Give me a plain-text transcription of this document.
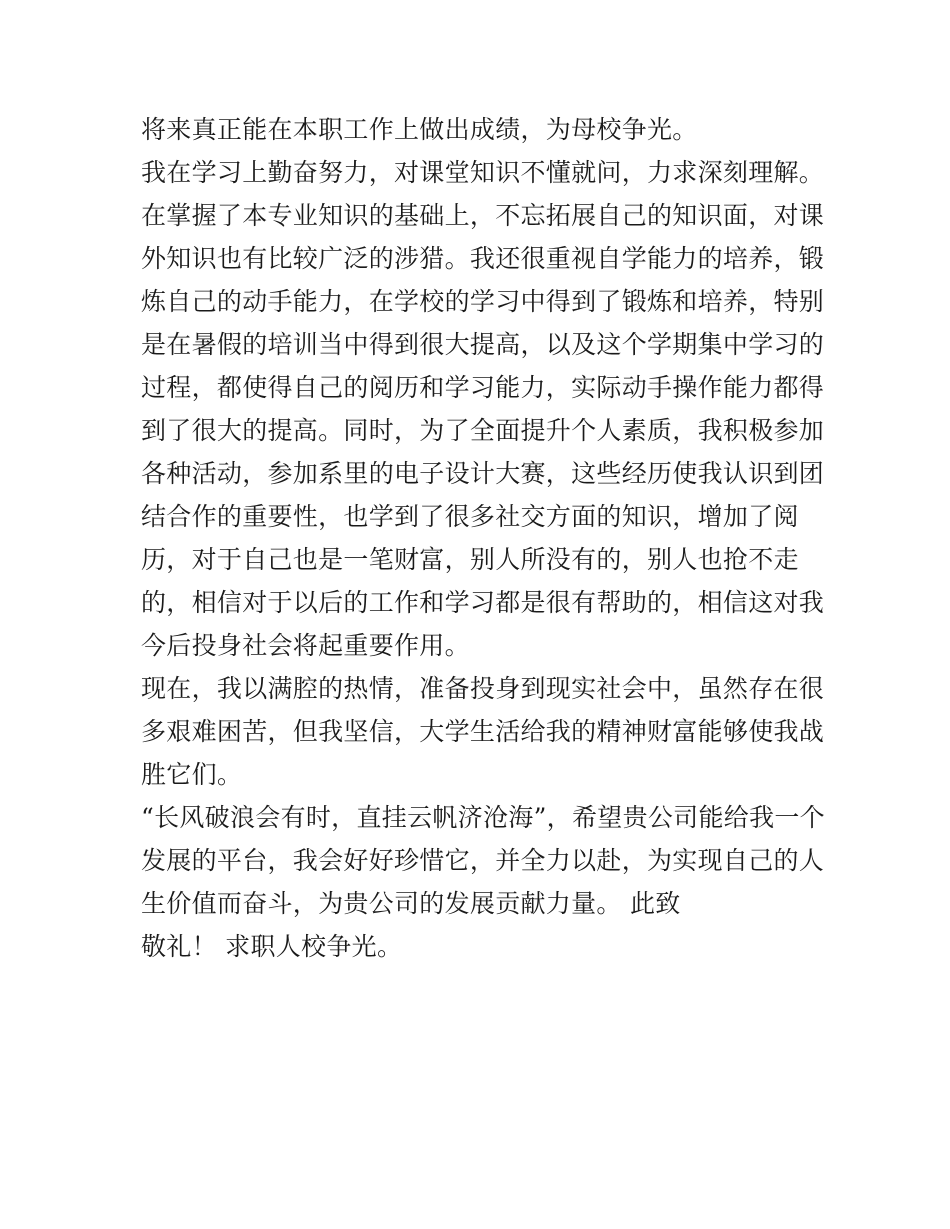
将来真正能在本职工作上做出成绩，为母校争光。
我在学习上勤奋努力，对课堂知识不懂就问，力求深刻理解。
在掌握了本专业知识的基础上，不忘拓展自己的知识面，对课
外知识也有比较广泛的涉猎。我还很重视自学能力的培养，锻
炼自己的动手能力，在学校的学习中得到了锻炼和培养，特别
是在暑假的培训当中得到很大提高，以及这个学期集中学习的
过程，都使得自己的阅历和学习能力，实际动手操作能力都得
到了很大的提高。同时，为了全面提升个人素质，我积极参加
各种活动，参加系里的电子设计大赛，这些经历使我认识到团
结合作的重要性，也学到了很多社交方面的知识，增加了阅
历，对于自己也是一笔财富，别人所没有的，别人也抢不走
的，相信对于以后的工作和学习都是很有帮助的，相信这对我
今后投身社会将起重要作用。
现在，我以满腔的热情，准备投身到现实社会中，虽然存在很
多艰难困苦，但我坚信，大学生活给我的精神财富能够使我战
胜它们。
“长风破浪会有时，直挂云帆济沧海”，希望贵公司能给我一个
发展的平台，我会好好珍惜它，并全力以赴，为实现自己的人
生价值而奋斗，为贵公司的发展贡献力量。 此致
敬礼！ 求职人校争光。
